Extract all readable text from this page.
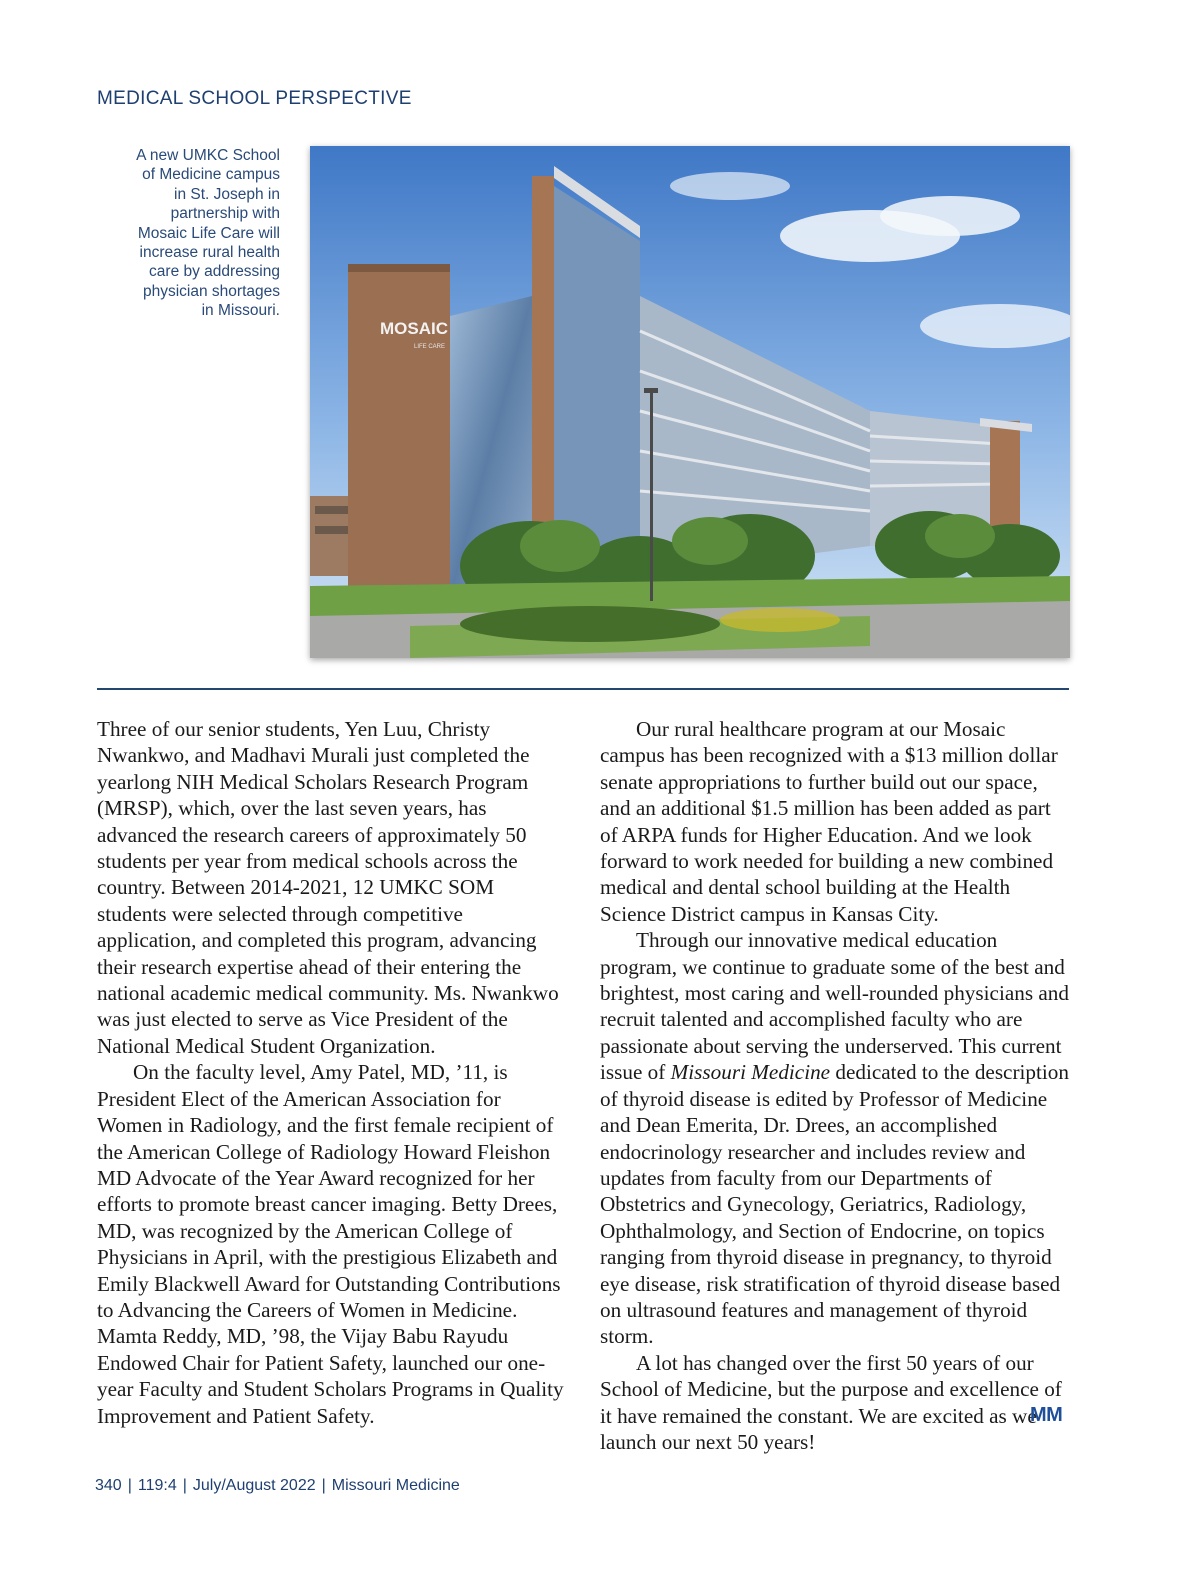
MEDICAL SCHOOL PERSPECTIVE
A new UMKC School of Medicine campus in St. Joseph in partnership with Mosaic Life Care will increase rural health care by addressing physician shortages in Missouri.
MOSAIC
LIFE CARE

Three of our senior students, Yen Luu, Christy Nwankwo, and Madhavi Murali just completed the yearlong NIH Medical Scholars Research Program (MRSP), which, over the last seven years, has advanced the research careers of approximately 50 students per year from medical schools across the country. Between 2014-2021, 12 UMKC SOM students were selected through competitive application, and completed this program, advancing their research expertise ahead of their entering the national academic medical community. Ms. Nwankwo was just elected to serve as Vice President of the National Medical Student Organization.

On the faculty level, Amy Patel, MD, ’11, is President Elect of the American Association for Women in Radiology, and the first female recipient of the American College of Radiology Howard Fleishon MD Advocate of the Year Award recognized for her efforts to promote breast cancer imaging. Betty Drees, MD, was recognized by the American College of Physicians in April, with the prestigious Elizabeth and Emily Blackwell Award for Outstanding Contributions to Advancing the Careers of Women in Medicine. Mamta Reddy, MD, ’98, the Vijay Babu Rayudu Endowed Chair for Patient Safety, launched our one-year Faculty and Student Scholars Programs in Quality Improvement and Patient Safety.

Our rural healthcare program at our Mosaic campus has been recognized with a $13 million dollar senate appropriations to further build out our space, and an additional $1.5 million has been added as part of ARPA funds for Higher Education. And we look forward to work needed for building a new combined medical and dental school building at the Health Science District campus in Kansas City.

Through our innovative medical education program, we continue to graduate some of the best and brightest, most caring and well-rounded physicians and recruit talented and accomplished faculty who are passionate about serving the underserved. This current issue of Missouri Medicine dedicated to the description of thyroid disease is edited by Professor of Medicine and Dean Emerita, Dr. Drees, an accomplished endocrinology researcher and includes review and updates from faculty from our Departments of Obstetrics and Gynecology, Geriatrics, Radiology, Ophthalmology, and Section of Endocrine, on topics ranging from thyroid disease in pregnancy, to thyroid eye disease, risk stratification of thyroid disease based on ultrasound features and management of thyroid storm.

A lot has changed over the first 50 years of our School of Medicine, but the purpose and excellence of it have remained the constant. We are excited as we launch our next 50 years!

MM
340 | 119:4 | July/August 2022 | Missouri Medicine
